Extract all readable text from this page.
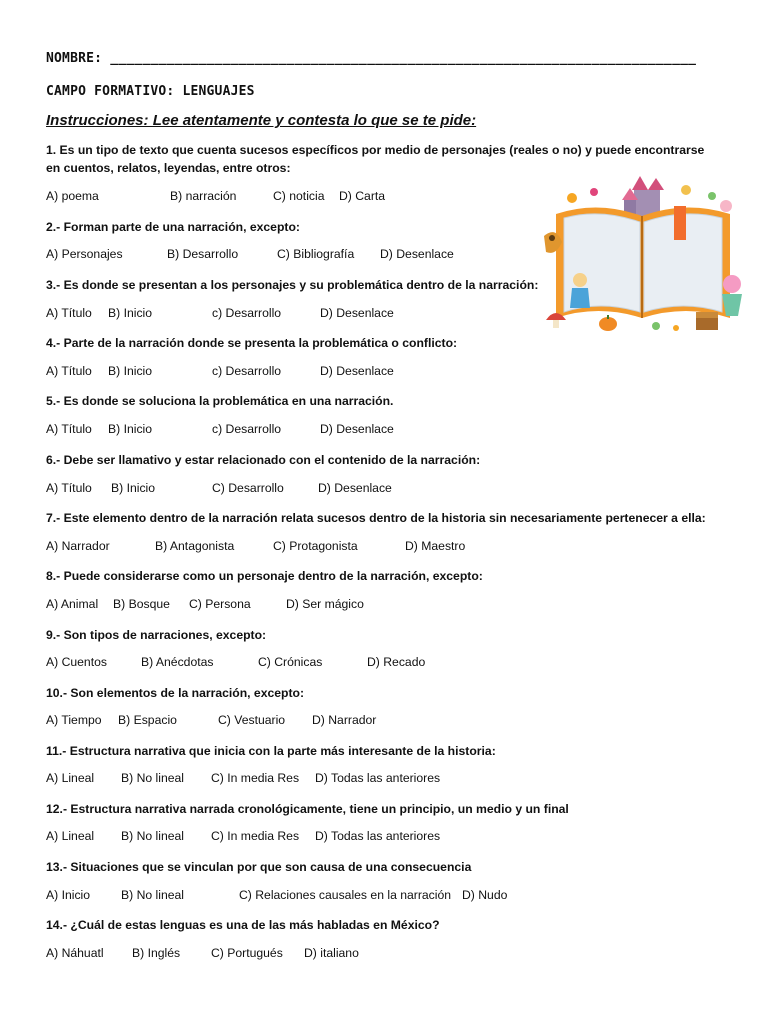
NOMBRE: _________________________________________________________________________
CAMPO FORMATIVO: LENGUAJES
Instrucciones: Lee atentamente y contesta lo que se te pide:
1. Es un tipo de texto que cuenta sucesos específicos por medio de personajes (reales o no) y puede encontrarse en cuentos, relatos, leyendas, entre otros:
A) poema	B) narración	C) noticia D) Carta
2.- Forman parte de una narración, excepto:
A) Personajes	B) Desarrollo	C) Bibliografía D) Desenlace
3.- Es donde se presentan a los personajes y su problemática dentro de la narración:
A) Título B) Inicio	c) Desarrollo	D) Desenlace
4.- Parte de la narración donde se presenta la problemática o conflicto:
A) Título B) Inicio	c) Desarrollo	D) Desenlace
5.- Es donde se soluciona la problemática en una narración.
A) Título B) Inicio	c) Desarrollo	D) Desenlace
6.- Debe ser llamativo y estar relacionado con el contenido de la narración:
A) Título B) Inicio	C) Desarrollo	D) Desenlace
7.- Este elemento dentro de la narración relata sucesos dentro de la historia sin necesariamente pertenecer a ella:
A) Narrador	B) Antagonista	C) Protagonista	D) Maestro
8.- Puede considerarse como un personaje dentro de la narración, excepto:
A) Animal B) Bosque C) Persona	D) Ser mágico
9.- Son tipos de narraciones, excepto:
A) Cuentos	B) Anécdotas	C) Crónicas	D) Recado
10.- Son elementos de la narración, excepto:
A) Tiempo B) Espacio	C) Vestuario D) Narrador
11.- Estructura narrativa que inicia con la parte más interesante de la historia:
A) Lineal B) No lineal C) In media Res D) Todas las anteriores
12.- Estructura narrativa narrada cronológicamente, tiene un principio, un medio y un final
A) Lineal B) No lineal C) In media Res D) Todas las anteriores
13.- Situaciones que se vinculan por que son causa de una consecuencia
A) Inicio	B) No lineal	C) Relaciones causales en la narración D) Nudo
14.- ¿Cuál de estas lenguas es una de las más habladas en México?
A) Náhuatl B) Inglés	C) Portugués D) italiano
